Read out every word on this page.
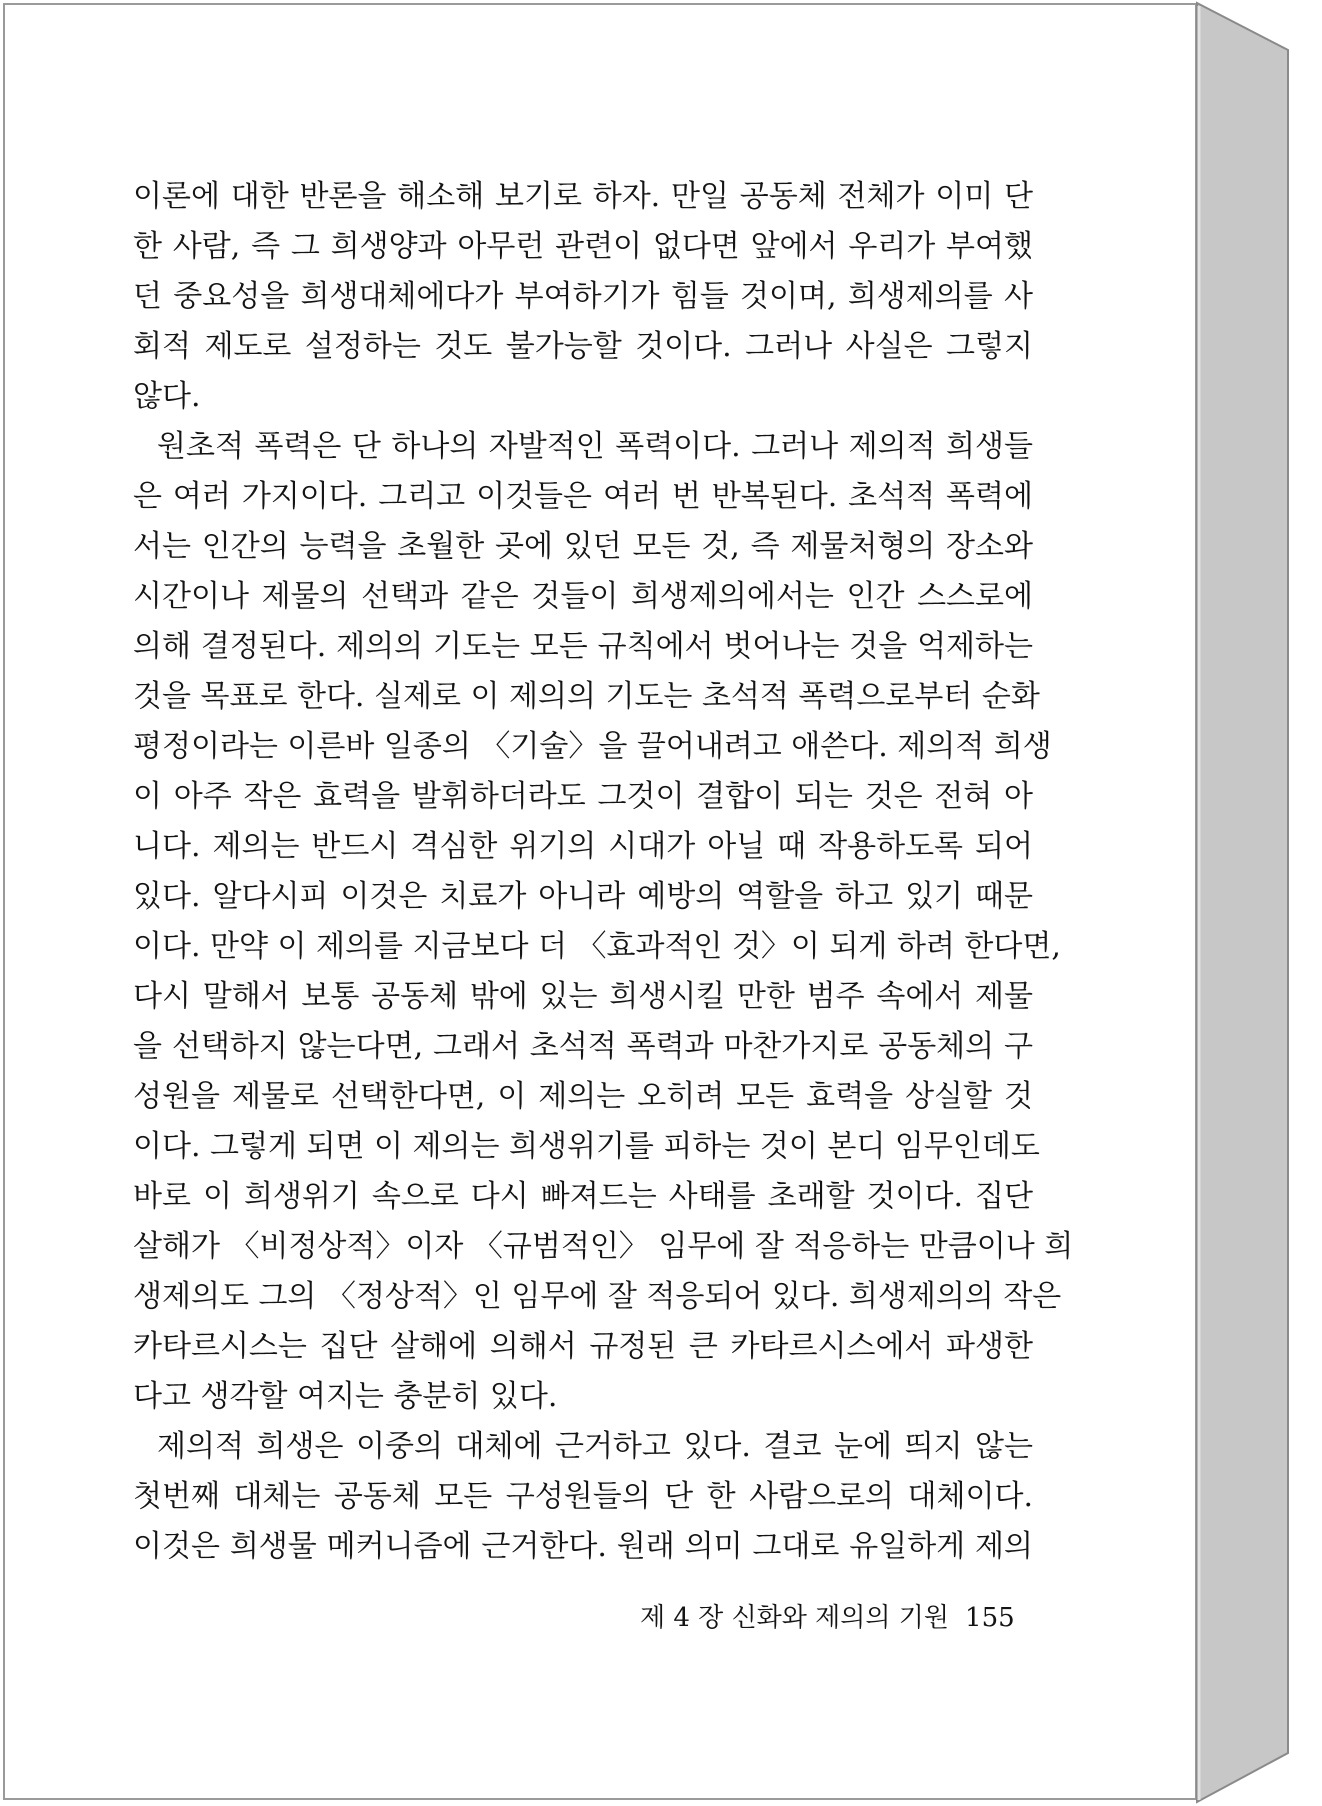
이론에 대한 반론을 해소해 보기로 하자. 만일 공동체 전체가 이미 단
한 사람, 즉 그 희생양과 아무런 관련이 없다면 앞에서 우리가 부여했
던 중요성을 희생대체에다가 부여하기가 힘들 것이며, 희생제의를 사
회적 제도로 설정하는 것도 불가능할 것이다. 그러나 사실은 그렇지
않다.
원초적 폭력은 단 하나의 자발적인 폭력이다. 그러나 제의적 희생들
은 여러 가지이다. 그리고 이것들은 여러 번 반복된다. 초석적 폭력에
서는 인간의 능력을 초월한 곳에 있던 모든 것, 즉 제물처형의 장소와
시간이나 제물의 선택과 같은 것들이 희생제의에서는 인간 스스로에
의해 결정된다. 제의의 기도는 모든 규칙에서 벗어나는 것을 억제하는
것을 목표로 한다. 실제로 이 제의의 기도는 초석적 폭력으로부터 순화
평정이라는 이른바 일종의 〈기술〉을 끌어내려고 애쓴다. 제의적 희생
이 아주 작은 효력을 발휘하더라도 그것이 결합이 되는 것은 전혀 아
니다. 제의는 반드시 격심한 위기의 시대가 아닐 때 작용하도록 되어
있다. 알다시피 이것은 치료가 아니라 예방의 역할을 하고 있기 때문
이다. 만약 이 제의를 지금보다 더 〈효과적인 것〉이 되게 하려 한다면,
다시 말해서 보통 공동체 밖에 있는 희생시킬 만한 범주 속에서 제물
을 선택하지 않는다면, 그래서 초석적 폭력과 마찬가지로 공동체의 구
성원을 제물로 선택한다면, 이 제의는 오히려 모든 효력을 상실할 것
이다. 그렇게 되면 이 제의는 희생위기를 피하는 것이 본디 임무인데도
바로 이 희생위기 속으로 다시 빠져드는 사태를 초래할 것이다. 집단
살해가 〈비정상적〉이자 〈규범적인〉 임무에 잘 적응하는 만큼이나 희
생제의도 그의 〈정상적〉인 임무에 잘 적응되어 있다. 희생제의의 작은
카타르시스는 집단 살해에 의해서 규정된 큰 카타르시스에서 파생한
다고 생각할 여지는 충분히 있다.
제의적 희생은 이중의 대체에 근거하고 있다. 결코 눈에 띄지 않는
첫번째 대체는 공동체 모든 구성원들의 단 한 사람으로의 대체이다.
이것은 희생물 메커니즘에 근거한다. 원래 의미 그대로 유일하게 제의
제 4 장 신화와 제의의 기원 155
